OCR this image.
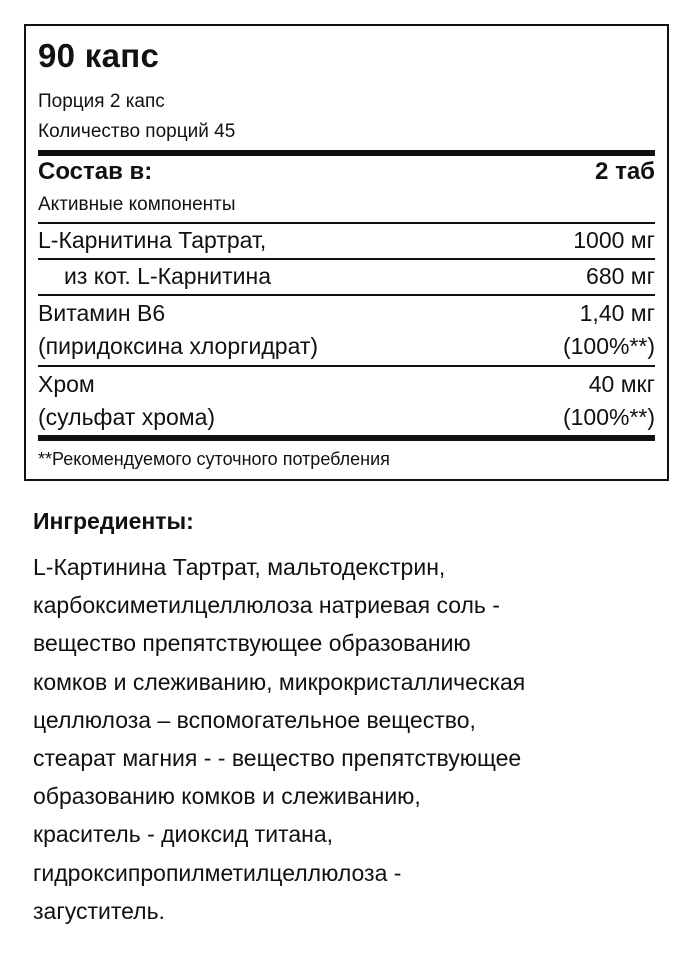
90 капс
Порция 2 капс
Количество порций 45
Состав в:	2 таб
Активные компоненты
L-Карнитина Тартрат,	1000 мг
из кот. L-Карнитина	680 мг
Витамин В6	1,40 мг
(пиридоксина хлоргидрат)	(100%**)
Хром	40 мкг
(сульфат хрома)	(100%**)
**Рекомендуемого суточного потребления
Ингредиенты:
L-Картинина Тартрат, мальтодекстрин,
карбоксиметилцеллюлоза натриевая соль -
вещество препятствующее образованию
комков и слеживанию, микрокристаллическая
целлюлоза – вспомогательное вещество,
стеарат магния - - вещество препятствующее
образованию комков и слеживанию,
краситель - диоксид титана,
гидроксипропилметилцеллюлоза -
загуститель.
